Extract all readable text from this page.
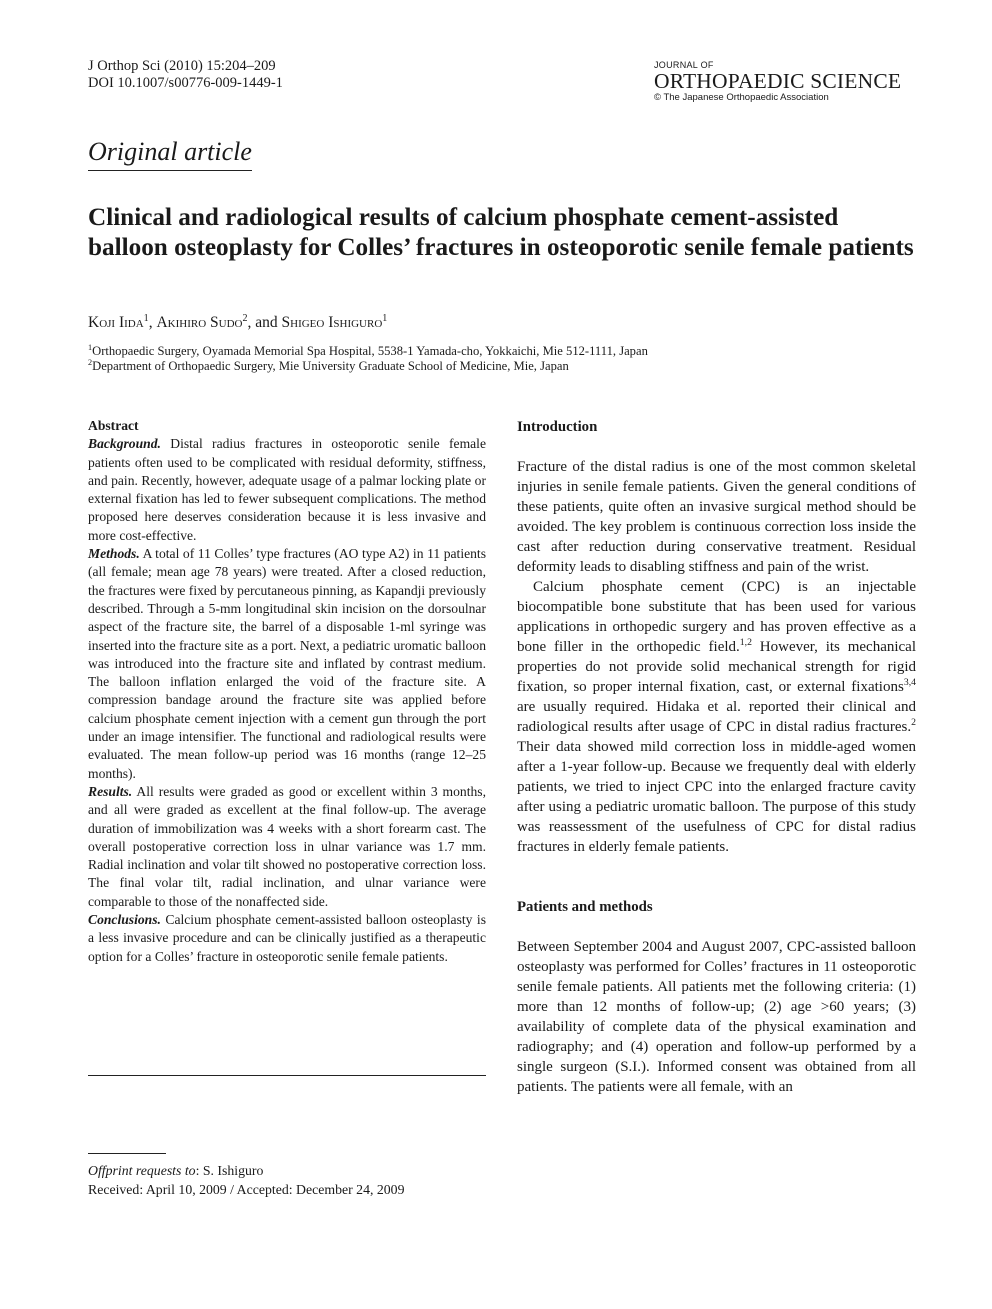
J Orthop Sci (2010) 15:204–209
DOI 10.1007/s00776-009-1449-1
JOURNAL OF
ORTHOPAEDIC SCIENCE
© The Japanese Orthopaedic Association
Original article
Clinical and radiological results of calcium phosphate cement-assisted balloon osteoplasty for Colles’ fractures in osteoporotic senile female patients
Koji Iida$^1$, Akihiro Sudo$^2$, and Shigeo Ishiguro$^1$
$^1$Orthopaedic Surgery, Oyamada Memorial Spa Hospital, 5538-1 Yamada-cho, Yokkaichi, Mie 512-1111, Japan
$^2$Department of Orthopaedic Surgery, Mie University Graduate School of Medicine, Mie, Japan

Abstract

Background. Distal radius fractures in osteoporotic senile female patients often used to be complicated with residual deformity, stiffness, and pain. Recently, however, adequate usage of a palmar locking plate or external fixation has led to fewer subsequent complications. The method proposed here deserves consideration because it is less invasive and more cost-effective.

Methods. A total of 11 Colles’ type fractures (AO type A2) in 11 patients (all female; mean age 78 years) were treated. After a closed reduction, the fractures were fixed by percutaneous pinning, as Kapandji previously described. Through a 5-mm longitudinal skin incision on the dorsoulnar aspect of the fracture site, the barrel of a disposable 1-ml syringe was inserted into the fracture site as a port. Next, a pediatric uromatic balloon was introduced into the fracture site and inflated by contrast medium. The balloon inflation enlarged the void of the fracture site. A compression bandage around the fracture site was applied before calcium phosphate cement injection with a cement gun through the port under an image intensifier. The functional and radiological results were evaluated. The mean follow-up period was 16 months (range 12–25 months).

Results. All results were graded as good or excellent within 3 months, and all were graded as excellent at the final follow-up. The average duration of immobilization was 4 weeks with a short forearm cast. The overall postoperative correction loss in ulnar variance was 1.7 mm. Radial inclination and volar tilt showed no postoperative correction loss. The final volar tilt, radial inclination, and ulnar variance were comparable to those of the nonaffected side.

Conclusions. Calcium phosphate cement-assisted balloon osteoplasty is a less invasive procedure and can be clinically justified as a therapeutic option for a Colles’ fracture in osteoporotic senile female patients.

Offprint requests to: S. Ishiguro
Received: April 10, 2009 / Accepted: December 24, 2009

Introduction

Fracture of the distal radius is one of the most common skeletal injuries in senile female patients. Given the general conditions of these patients, quite often an invasive surgical method should be avoided. The key problem is continuous correction loss inside the cast after reduction during conservative treatment. Residual deformity leads to disabling stiffness and pain of the wrist.

Calcium phosphate cement (CPC) is an injectable biocompatible bone substitute that has been used for various applications in orthopedic surgery and has proven effective as a bone filler in the orthopedic field.$^{1,2}$ However, its mechanical properties do not provide solid mechanical strength for rigid fixation, so proper internal fixation, cast, or external fixations$^{3,4}$ are usually required. Hidaka et al. reported their clinical and radiological results after usage of CPC in distal radius fractures.$^2$ Their data showed mild correction loss in middle-aged women after a 1-year follow-up. Because we frequently deal with elderly patients, we tried to inject CPC into the enlarged fracture cavity after using a pediatric uromatic balloon. The purpose of this study was reassessment of the usefulness of CPC for distal radius fractures in elderly female patients.

Patients and methods

Between September 2004 and August 2007, CPC-assisted balloon osteoplasty was performed for Colles’ fractures in 11 osteoporotic senile female patients. All patients met the following criteria: (1) more than 12 months of follow-up; (2) age >60 years; (3) availability of complete data of the physical examination and radiography; and (4) operation and follow-up performed by a single surgeon (S.I.). Informed consent was obtained from all patients. The patients were all female, with an
